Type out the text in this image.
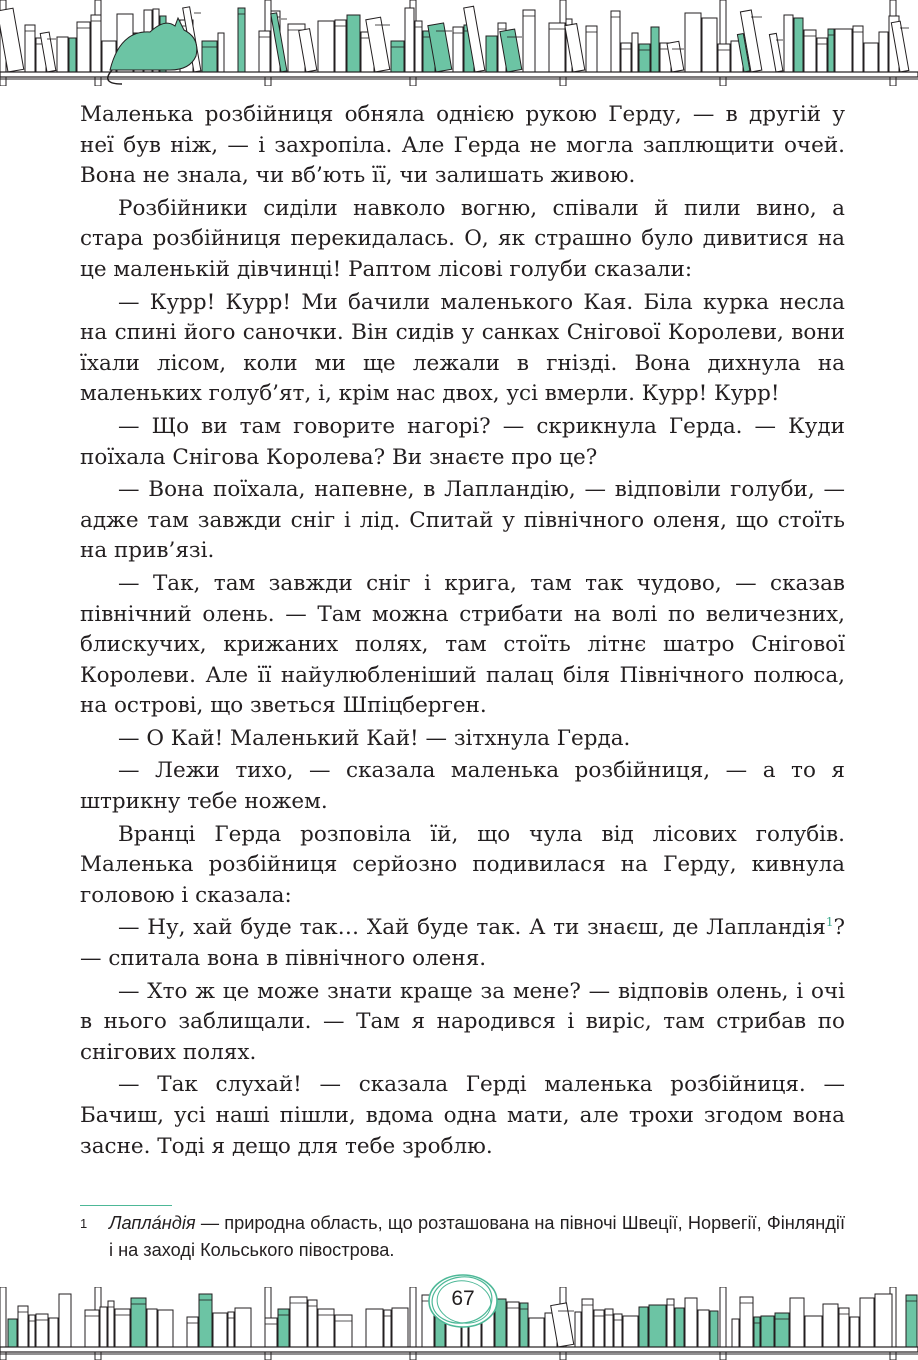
Маленька розбійниця обняла однією рукою Герду, — в другій у неї був ніж, — і захропіла. Але Герда не могла заплющити очей. Вона не знала, чи вб’ють її, чи залишать живою.

Розбійники сиділи навколо вогню, співали й пили вино, а стара розбійниця перекидалась. О, як страшно було дивитися на це маленькій дівчинці! Раптом лісові голуби сказали:

— Курр! Курр! Ми бачили маленького Кая. Біла курка несла на спині його саночки. Він сидів у санках Снігової Королеви, вони їхали лісом, коли ми ще лежали в гнізді. Вона дихнула на маленьких голуб’ят, і, крім нас двох, усі вмерли. Курр! Курр!

— Що ви там говорите нагорі? — скрикнула Герда. — Куди поїхала Снігова Королева? Ви знаєте про це?

— Вона поїхала, напевне, в Лапландію, — відповіли голуби, — адже там завжди сніг і лід. Спитай у північного оленя, що стоїть на прив’язі.

— Так, там завжди сніг і крига, там так чудово, — сказав північний олень. — Там можна стрибати на волі по величезних, блискучих, крижаних полях, там стоїть літнє шатро Снігової Королеви. Але її найулюбленіший палац біля Північного полюса, на острові, що зветься Шпіцберген.

— О Кай! Маленький Кай! — зітхнула Герда.

— Лежи тихо, — сказала маленька розбійниця, — а то я штрикну тебе ножем.

Вранці Герда розповіла їй, що чула від лісових голубів. Маленька розбійниця серйозно подивилася на Герду, кивнула головою і сказала:

— Ну, хай буде так… Хай буде так. А ти знаєш, де Лапландія$^1$? — спитала вона в північного оленя.

— Хто ж це може знати краще за мене? — відповів олень, і очі в нього заблищали. — Там я народився і виріс, там стрибав по снігових полях.

— Так слухай! — сказала Герді маленька розбійниця. — Бачиш, усі наші пішли, вдома одна мати, але трохи згодом вона засне. Тоді я дещо для тебе зроблю.

1 Лапла́ндія — природна область, що розташована на півночі Швеції, Норвегії, Фінляндії і на заході Кольського півострова.
67
